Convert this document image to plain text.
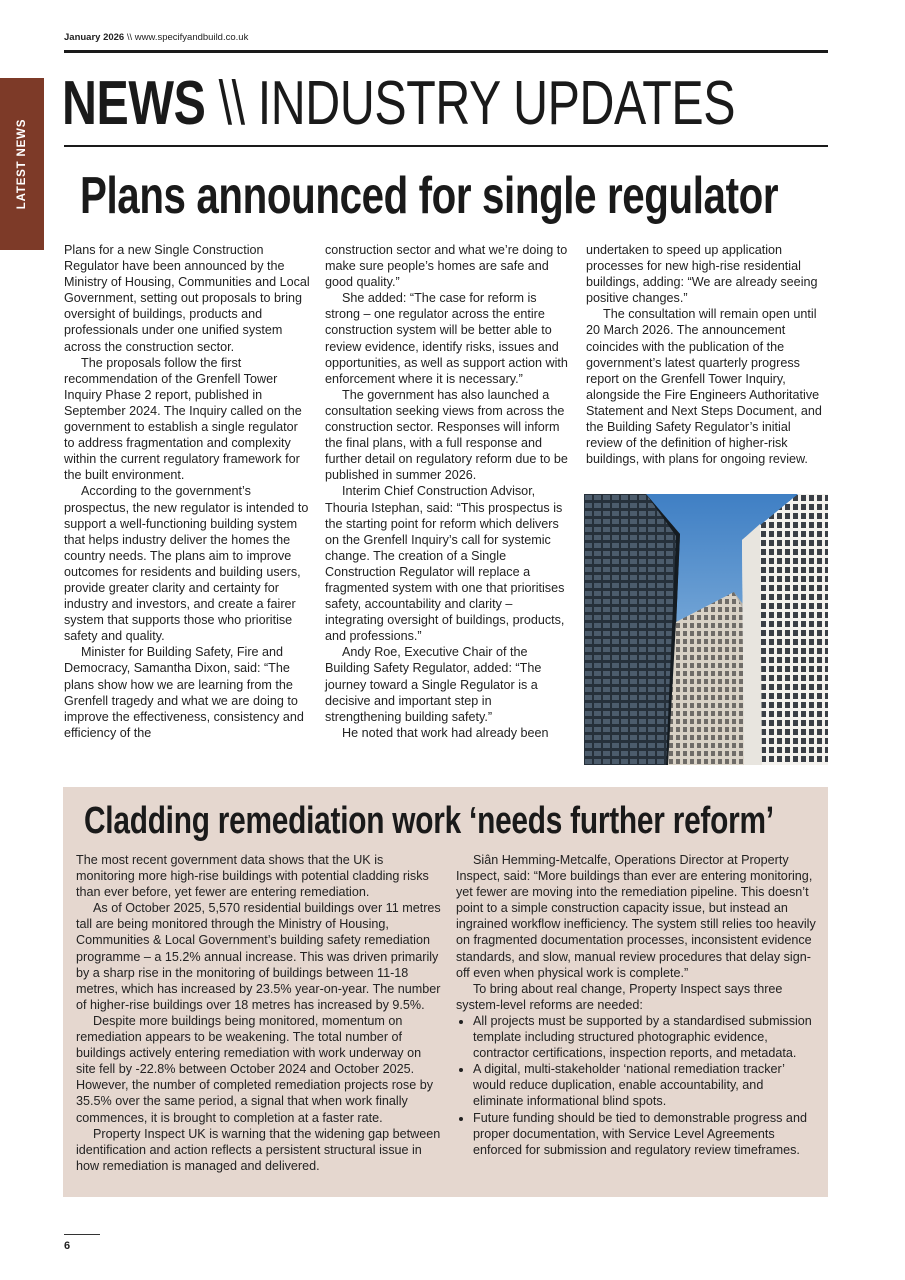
January 2026 \\ www.specifyandbuild.co.uk
LATEST NEWS
NEWS \\ INDUSTRY UPDATES
Plans announced for single regulator

Plans for a new Single Construction Regulator have been announced by the Ministry of Housing, Communities and Local Government, setting out proposals to bring oversight of buildings, products and professionals under one unified system across the construction sector.

The proposals follow the first recommendation of the Grenfell Tower Inquiry Phase 2 report, published in September 2024. The Inquiry called on the government to establish a single regulator to address fragmentation and complexity within the current regulatory framework for the built environment.

According to the government’s prospectus, the new regulator is intended to support a well-functioning building system that helps industry deliver the homes the country needs. The plans aim to improve outcomes for residents and building users, provide greater clarity and certainty for industry and investors, and create a fairer system that supports those who prioritise safety and quality.

Minister for Building Safety, Fire and Democracy, Samantha Dixon, said: “The plans show how we are learning from the Grenfell tragedy and what we are doing to improve the effectiveness, consistency and efficiency of the

construction sector and what we’re doing to make sure people’s homes are safe and good quality.”

She added: “The case for reform is strong – one regulator across the entire construction system will be better able to review evidence, identify risks, issues and opportunities, as well as support action with enforcement where it is necessary.”

The government has also launched a consultation seeking views from across the construction sector. Responses will inform the final plans, with a full response and further detail on regulatory reform due to be published in summer 2026.

Interim Chief Construction Advisor, Thouria Istephan, said: “This prospectus is the starting point for reform which delivers on the Grenfell Inquiry’s call for systemic change. The creation of a Single Construction Regulator will replace a fragmented system with one that prioritises safety, accountability and clarity – integrating oversight of buildings, products, and professions.”

Andy Roe, Executive Chair of the Building Safety Regulator, added: “The journey toward a Single Regulator is a decisive and important step in strengthening building safety.”

He noted that work had already been

undertaken to speed up application processes for new high-rise residential buildings, adding: “We are already seeing positive changes.”

The consultation will remain open until 20 March 2026. The announcement coincides with the publication of the government’s latest quarterly progress report on the Grenfell Tower Inquiry, alongside the Fire Engineers Authoritative Statement and Next Steps Document, and the Building Safety Regulator’s initial review of the definition of higher-risk buildings, with plans for ongoing review.

Cladding remediation work ‘needs further reform’

The most recent government data shows that the UK is monitoring more high-rise buildings with potential cladding risks than ever before, yet fewer are entering remediation.

As of October 2025, 5,570 residential buildings over 11 metres tall are being monitored through the Ministry of Housing, Communities & Local Government’s building safety remediation programme – a 15.2% annual increase. This was driven primarily by a sharp rise in the monitoring of buildings between 11-18 metres, which has increased by 23.5% year-on-year. The number of higher-rise buildings over 18 metres has increased by 9.5%.

Despite more buildings being monitored, momentum on remediation appears to be weakening. The total number of buildings actively entering remediation with work underway on site fell by -22.8% between October 2024 and October 2025. However, the number of completed remediation projects rose by 35.5% over the same period, a signal that when work finally commences, it is brought to completion at a faster rate.

Property Inspect UK is warning that the widening gap between identification and action reflects a persistent structural issue in how remediation is managed and delivered.

Siân Hemming-Metcalfe, Operations Director at Property Inspect, said: “More buildings than ever are entering monitoring, yet fewer are moving into the remediation pipeline. This doesn’t point to a simple construction capacity issue, but instead an ingrained workflow inefficiency. The system still relies too heavily on fragmented documentation processes, inconsistent evidence standards, and slow, manual review procedures that delay sign-off even when physical work is complete.”

To bring about real change, Property Inspect says three system-level reforms are needed:

• All projects must be supported by a standardised submission template including structured photographic evidence, contractor certifications, inspection reports, and metadata.
• A digital, multi-stakeholder ‘national remediation tracker’ would reduce duplication, enable accountability, and eliminate informational blind spots.
• Future funding should be tied to demonstrable progress and proper documentation, with Service Level Agreements enforced for submission and regulatory review timeframes.
6
